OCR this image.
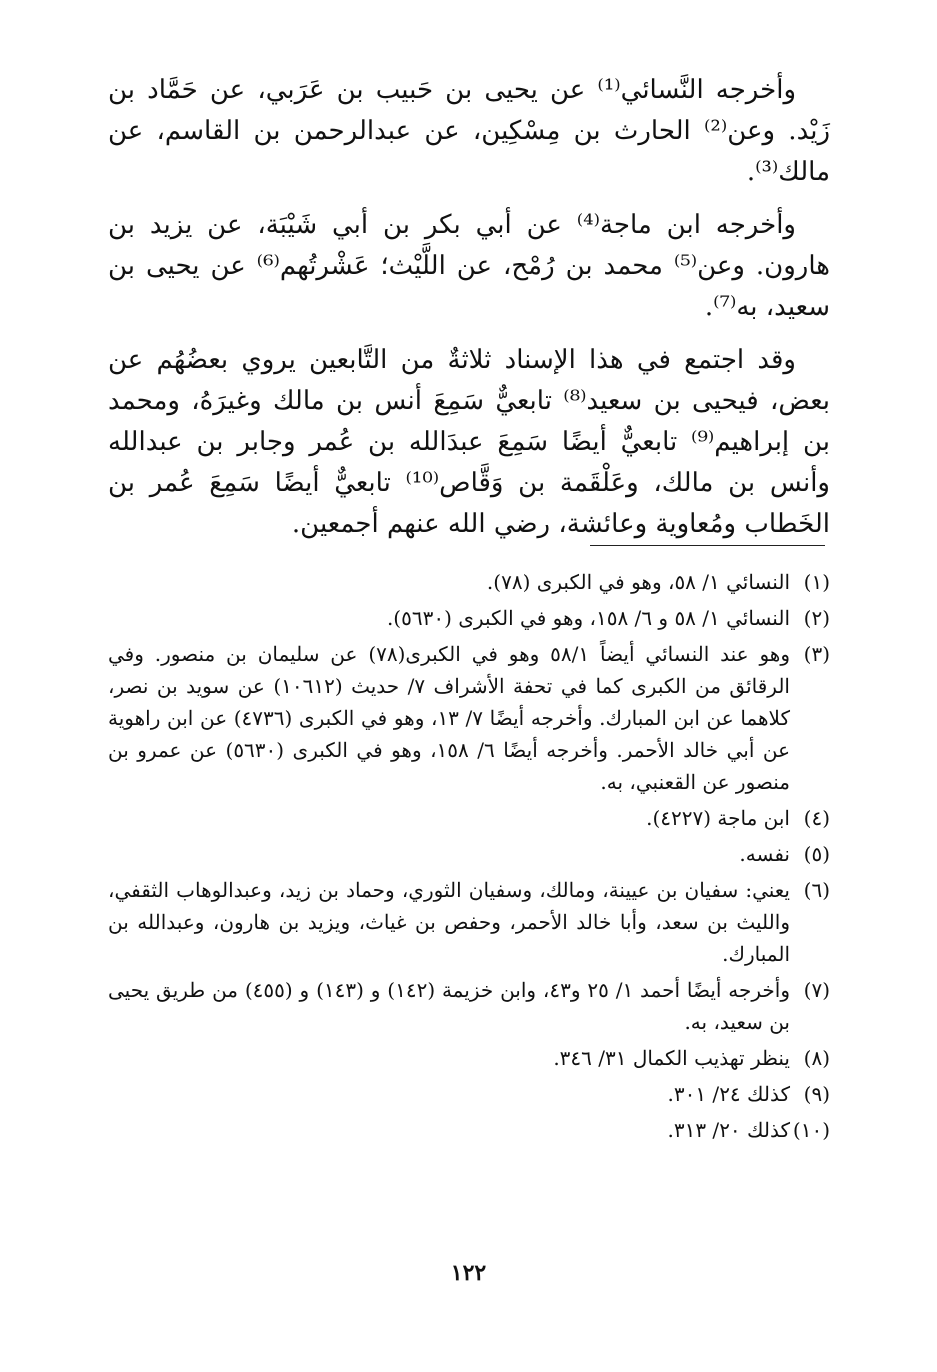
وأخرجه النَّسائي⁽¹⁾ عن يحيى بن حَبيب بن عَرَبي، عن حَمَّاد بن زَيْد. وعن⁽²⁾ الحارث بن مِسْكِين، عن عبدالرحمن بن القاسم، عن مالك⁽³⁾.

وأخرجه ابن ماجة⁽⁴⁾ عن أبي بكر بن أبي شَيْبَة، عن يزيد بن هارون. وعن⁽⁵⁾ محمد بن رُمْح، عن اللَّيْث؛ عَشْرتُهم⁽⁶⁾ عن يحيى بن سعيد، به⁽⁷⁾.

وقد اجتمع في هذا الإسناد ثلاثةٌ من التَّابعين يروي بعضُهُم عن بعض، فيحيى بن سعيد⁽⁸⁾ تابعيٌّ سَمِعَ أنس بن مالك وغيرَهُ، ومحمد بن إبراهيم⁽⁹⁾ تابعيٌّ أيضًا سَمِعَ عبدَالله بن عُمر وجابر بن عبدالله وأنس بن مالك، وعَلْقَمة بن وَقَّاص⁽¹⁰⁾ تابعيٌّ أيضًا سَمِعَ عُمر بن الخَطاب ومُعاوية وعائشة، رضي الله عنهم أجمعين.

(١)
النسائي ١/ ٥٨، وهو في الكبرى (٧٨).
(٢)
النسائي ١/ ٥٨ و ٦/ ١٥٨، وهو في الكبرى (٥٦٣٠).
(٣)
وهو عند النسائي أيضاً ٥٨/١ وهو في الكبرى(٧٨) عن سليمان بن منصور. وفي الرقائق من الكبرى كما في تحفة الأشراف ٧/ حديث (١٠٦١٢) عن سويد بن نصر، كلاهما عن ابن المبارك. وأخرجه أيضًا ٧/ ١٣، وهو في الكبرى (٤٧٣٦) عن ابن راهوية عن أبي خالد الأحمر. وأخرجه أيضًا ٦/ ١٥٨، وهو في الكبرى (٥٦٣٠) عن عمرو بن منصور عن القعنبي، به.
(٤)
ابن ماجة (٤٢٢٧).
(٥)
نفسه.
(٦)
يعني: سفيان بن عيينة، ومالك، وسفيان الثوري، وحماد بن زيد، وعبدالوهاب الثقفي، والليث بن سعد، وأبا خالد الأحمر، وحفص بن غياث، ويزيد بن هارون، وعبدالله بن المبارك.
(٧)
وأخرجه أيضًا أحمد ١/ ٢٥ و٤٣، وابن خزيمة (١٤٢) و (١٤٣) و (٤٥٥) من طريق يحيى بن سعيد، به.
(٨)
ينظر تهذيب الكمال ٣١/ ٣٤٦.
(٩)
كذلك ٢٤/ ٣٠١.
(١٠)
كذلك ٢٠/ ٣١٣.
١٢٢
